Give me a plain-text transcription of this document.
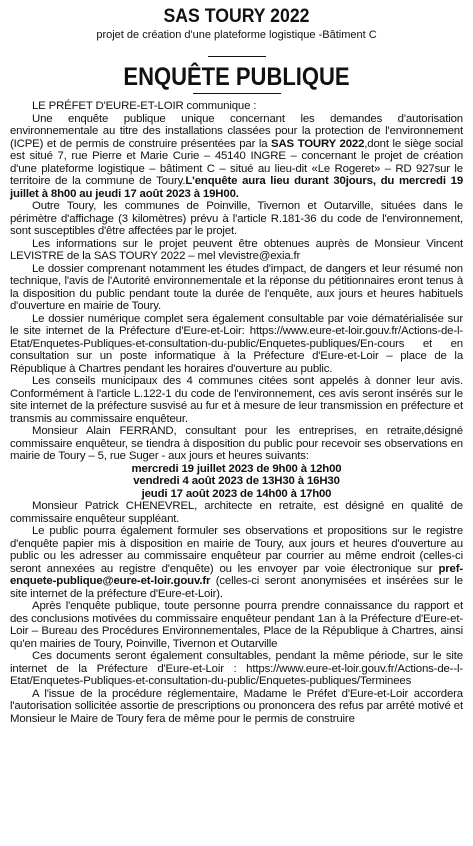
SAS TOURY 2022
projet de création d'une plateforme logistique -Bâtiment C
ENQUÊTE PUBLIQUE

LE PRÉFET D'EURE-ET-LOIR communique :

Une enquête publique unique concernant les demandes d'autorisation environnementale au titre des installations classées pour la protection de l'environnement (ICPE) et de permis de construire présentées par la SAS TOURY 2022,dont le siège social est situé 7, rue Pierre et Marie Curie – 45140 INGRE – concernant le projet de création d'une plateforme logistique – bâtiment C – situé au lieu-dit «Le Rogeret» – RD 927sur le territoire de la commune de Toury.L'enquête aura lieu durant 30jours, du mercredi 19 juillet à 8h00 au jeudi 17 août 2023 à 19H00.

Outre Toury, les communes de Poinville, Tivernon et Outarville, situées dans le périmètre d'affichage (3 kilomètres) prévu à l'article R.181-36 du code de l'environnement, sont susceptibles d'être affectées par le projet.

Les informations sur le projet peuvent être obtenues auprès de Monsieur Vincent LEVISTRE de la SAS TOURY 2022 – mel vlevistre@exia.fr

Le dossier comprenant notamment les études d'impact, de dangers et leur résumé non technique, l'avis de l'Autorité environnementale et la réponse du pétitionnaires eront tenus à la disposition du public pendant toute la durée de l'enquête, aux jours et heures habituels d'ouverture en mairie de Toury.

Le dossier numérique complet sera également consultable par voie dématérialisée sur le site internet de la Préfecture d'Eure-et-Loir: https://www.eure-et-loir.gouv.fr/Actions-de-l-Etat/Enquetes-Publiques-et-consultation-du-public/Enquetes-publiques/En-cours et en consultation sur un poste informatique à la Préfecture d'Eure-et-Loir – place de la République à Chartres pendant les horaires d'ouverture au public.

Les conseils municipaux des 4 communes citées sont appelés à donner leur avis. Conformément à l'article L.122-1 du code de l'environnement, ces avis seront insérés sur le site internet de la préfecture susvisé au fur et à mesure de leur transmission en préfecture et transmis au commissaire enquêteur.

Monsieur Alain FERRAND, consultant pour les entreprises, en retraite,désigné commissaire enquêteur, se tiendra à disposition du public pour recevoir ses observations en mairie de Toury – 5, rue Suger - aux jours et heures suivants:

mercredi 19 juillet 2023 de 9h00 à 12h00

vendredi 4 août 2023 de 13H30 à 16H30

jeudi 17 août 2023 de 14h00 à 17h00

Monsieur Patrick CHENEVREL, architecte en retraite, est désigné en qualité de commissaire enquêteur suppléant.

Le public pourra également formuler ses observations et propositions sur le registre d'enquête papier mis à disposition en mairie de Toury, aux jours et heures d'ouverture au public ou les adresser au commissaire enquêteur par courrier au même endroit (celles-ci seront annexées au registre d'enquête) ou les envoyer par voie électronique sur pref-enquete-publique@eure-et-loir.gouv.fr (celles-ci seront anonymisées et insérées sur le site internet de la préfecture d'Eure-et-Loir).

Après l'enquête publique, toute personne pourra prendre connaissance du rapport et des conclusions motivées du commissaire enquêteur pendant 1an à la Préfecture d'Eure-et-Loir – Bureau des Procédures Environnementales, Place de la République à Chartres, ainsi qu'en mairies de Toury, Poinville, Tivernon et Outarville

Ces documents seront également consultables, pendant la même période, sur le site internet de la Préfecture d'Eure-et-Loir : https://www.eure-et-loir.gouv.fr/Actions-de--l-Etat/Enquetes-Publiques-et-consultation-du-public/Enquetes-publiques/Terminees

A l'issue de la procédure réglementaire, Madame le Préfet d'Eure-et-Loir accordera l'autorisation sollicitée assortie de prescriptions ou prononcera des refus par arrêté motivé et Monsieur le Maire de Toury fera de même pour le permis de construire
